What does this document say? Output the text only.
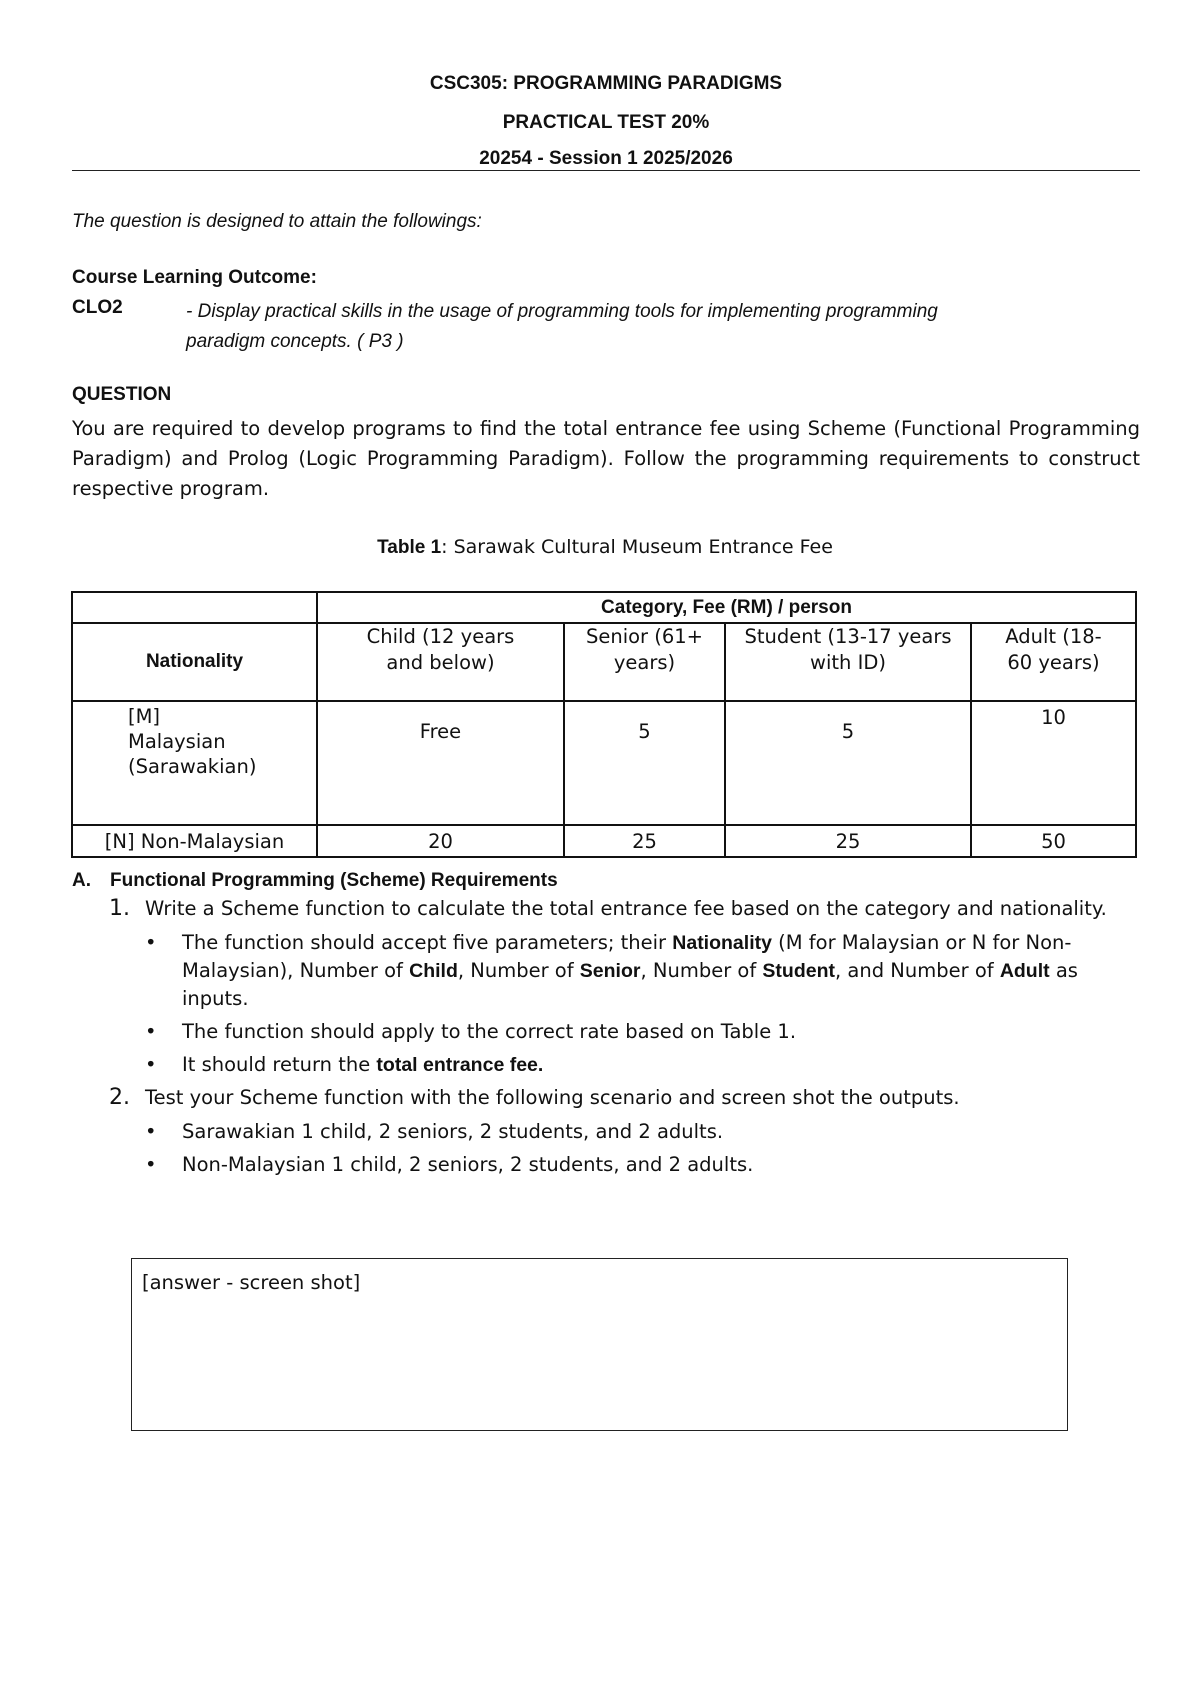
CSC305: PROGRAMMING PARADIGMS
PRACTICAL TEST 20%
20254 - Session 1 2025/2026
The question is designed to attain the followings:
Course Learning Outcome:
CLO2	- Display practical skills in the usage of programming tools for implementing programming paradigm concepts. ( P3 )
QUESTION
You are required to develop programs to find the total entrance fee using Scheme (Functional Programming Paradigm) and Prolog (Logic Programming Paradigm). Follow the programming requirements to construct respective program.
Table 1: Sarawak Cultural Museum Entrance Fee
	Category, Fee (RM) / person			
Nationality	Child (12 years and below)	Senior (61+ years)	Student (13-17 years with ID)	Adult (18-60 years)

[M] Malaysian (Sarawakian)	Free	5	5	10
[N] Non-Malaysian	20	25	25	50
A. Functional Programming (Scheme) Requirements
1. Write a Scheme function to calculate the total entrance fee based on the category and nationality.
• The function should accept five parameters; their Nationality (M for Malaysian or N for Non- Malaysian), Number of Child, Number of Senior, Number of Student, and Number of Adult as inputs.
• The function should apply to the correct rate based on Table 1.
• It should return the total entrance fee.
2. Test your Scheme function with the following scenario and screen shot the outputs.
• Sarawakian 1 child, 2 seniors, 2 students, and 2 adults.
• Non-Malaysian 1 child, 2 seniors, 2 students, and 2 adults.
[answer - screen shot]
